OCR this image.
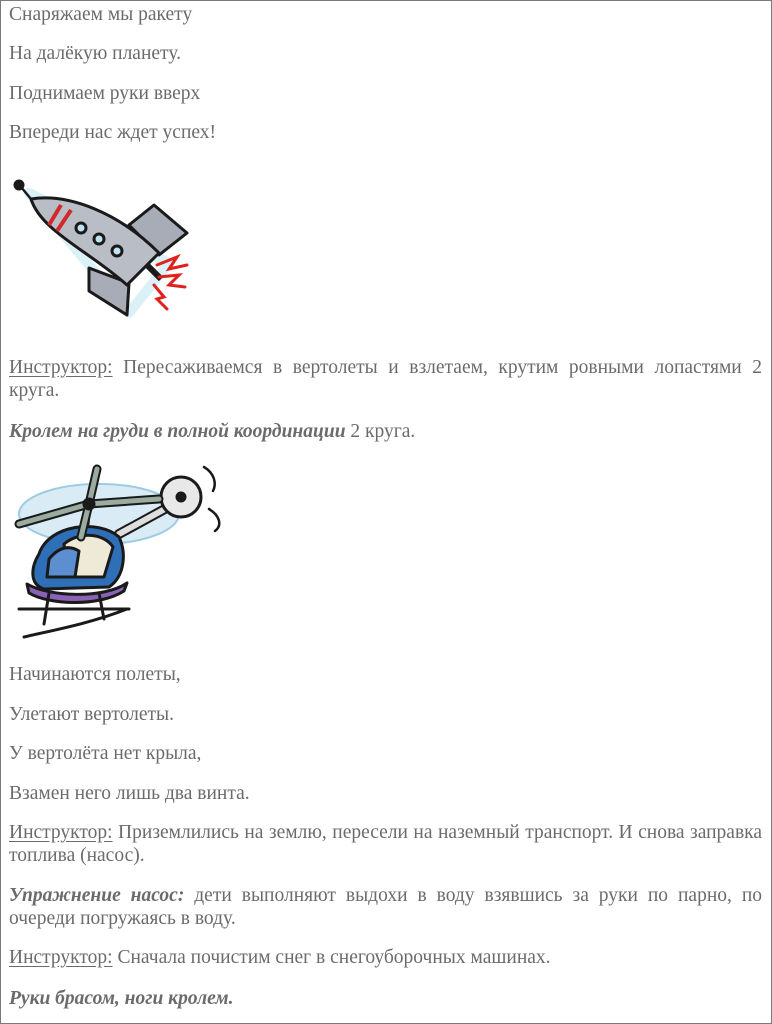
Снаряжаем мы ракету

На далёкую планету.

Поднимаем руки вверх

Впереди нас ждет успех!

Инструктор: Пересаживаемся в вертолеты и взлетаем, крутим ровными лопастями 2 круга.

Кролем на груди в полной координации 2 круга.

Начинаются полеты,

Улетают вертолеты.

У вертолёта нет крыла,

Взамен него лишь два винта.

Инструктор: Приземлились на землю, пересели на наземный транспорт. И снова заправка топлива (насос).

Упражнение насос: дети выполняют выдохи в воду взявшись за руки по парно, по очереди погружаясь в воду.

Инструктор: Сначала почистим снег в снегоуборочных машинах.

Руки брасом, ноги кролем.
